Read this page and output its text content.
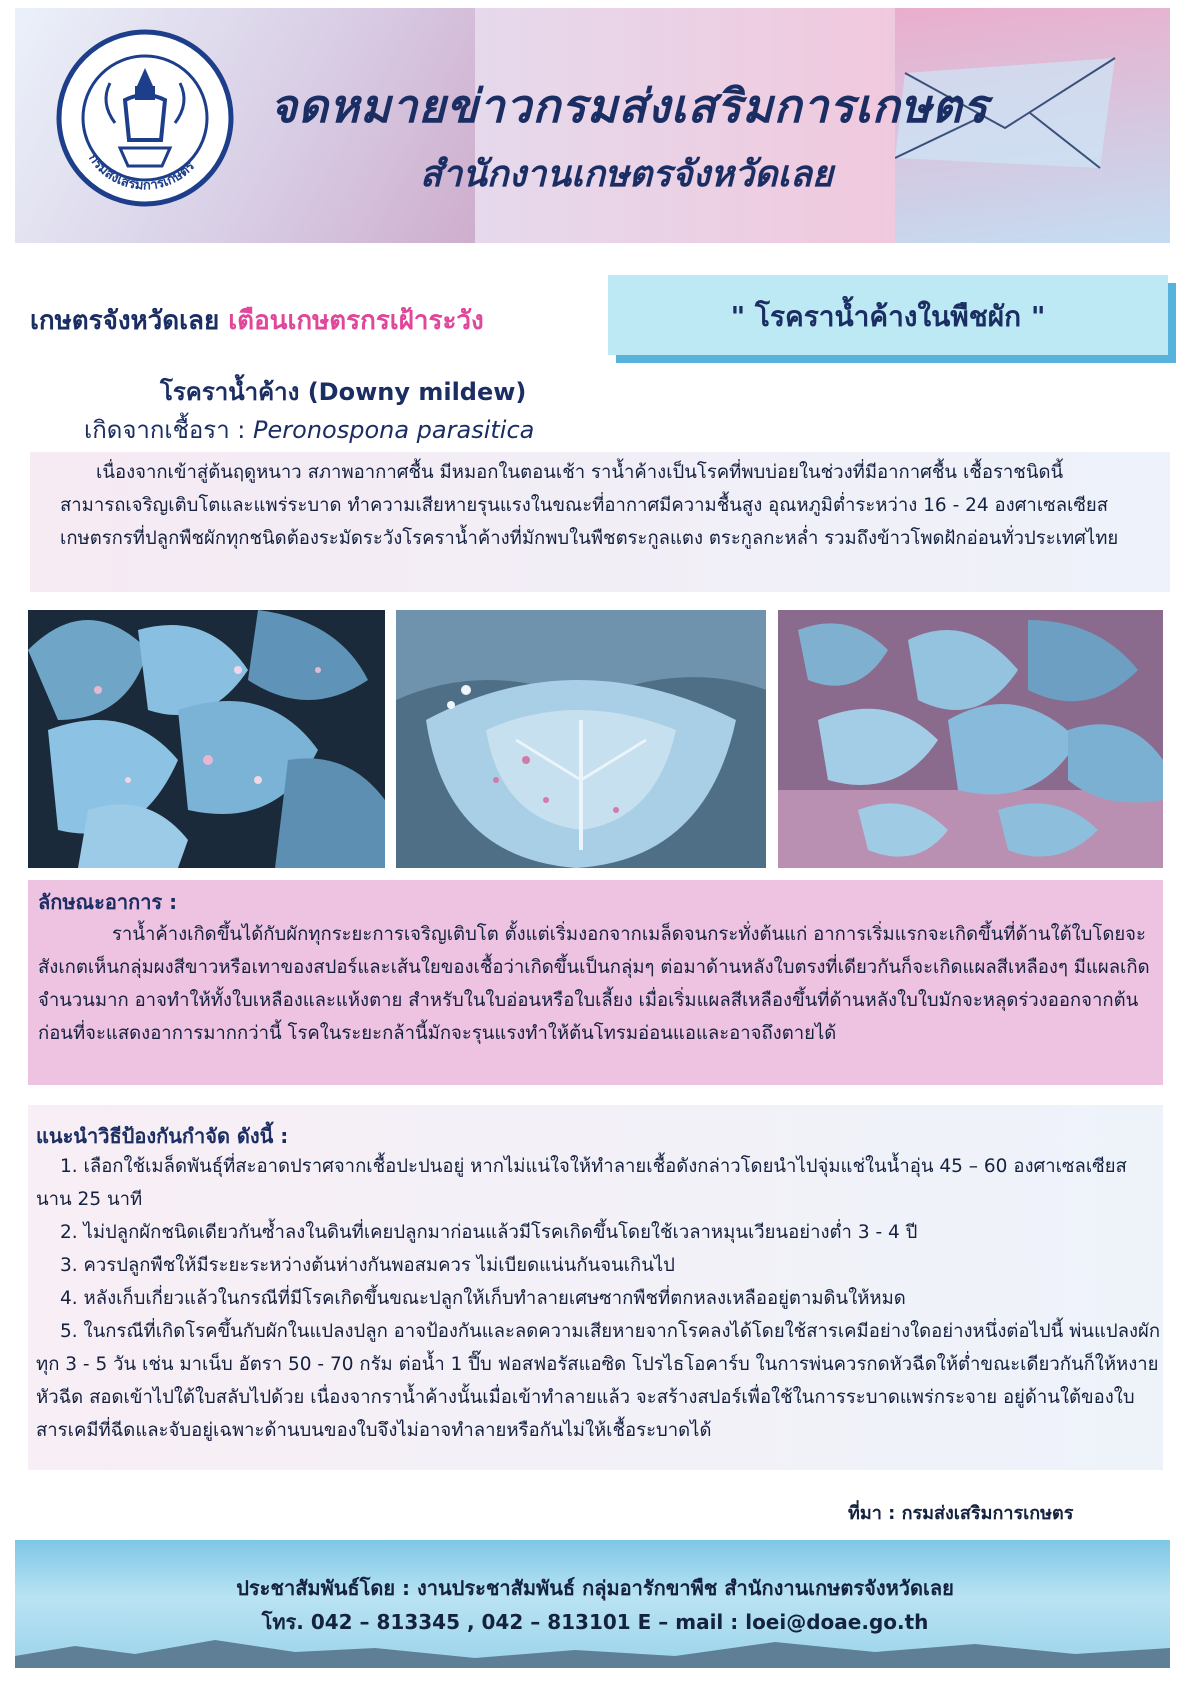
กรมส่งเสริมการเกษตร
จดหมายข่าวกรมส่งเสริมการเกษตร
สำนักงานเกษตรจังหวัดเลย
เกษตรจังหวัดเลย เตือนเกษตรกรเฝ้าระวัง	" โรคราน้ำค้างในพืชผัก "
โรคราน้ำค้าง (Downy mildew)
เกิดจากเชื้อรา : Peronospona parasitica
เนื่องจากเข้าสู่ต้นฤดูหนาว สภาพอากาศชื้น มีหมอกในตอนเช้า ราน้ำค้างเป็นโรคที่พบบ่อยในช่วงที่มีอากาศชื้น เชื้อราชนิดนี้สามารถเจริญเติบโตและแพร่ระบาด ทำความเสียหายรุนแรงในขณะที่อากาศมีความชื้นสูง อุณหภูมิต่ำระหว่าง 16 - 24 องศาเซลเซียส เกษตรกรที่ปลูกพืชผักทุกชนิดต้องระมัดระวังโรคราน้ำค้างที่มักพบในพืชตระกูลแตง ตระกูลกะหล่ำ รวมถึงข้าวโพดฝักอ่อนทั่วประเทศไทย
ลักษณะอาการ :
ราน้ำค้างเกิดขึ้นได้กับผักทุกระยะการเจริญเติบโต ตั้งแต่เริ่มงอกจากเมล็ดจนกระทั่งต้นแก่ อาการเริ่มแรกจะเกิดขึ้นที่ด้านใต้ใบโดยจะสังเกตเห็นกลุ่มผงสีขาวหรือเทาของสปอร์และเส้นใยของเชื้อว่าเกิดขึ้นเป็นกลุ่มๆ ต่อมาด้านหลังใบตรงที่เดียวกันก็จะเกิดแผลสีเหลืองๆ มีแผลเกิดจำนวนมาก อาจทำให้ทั้งใบเหลืองและแห้งตาย สำหรับในใบอ่อนหรือใบเลี้ยง เมื่อเริ่มแผลสีเหลืองขึ้นที่ด้านหลังใบใบมักจะหลุดร่วงออกจากต้นก่อนที่จะแสดงอาการมากกว่านี้ โรคในระยะกล้านี้มักจะรุนแรงทำให้ต้นโทรมอ่อนแอและอาจถึงตายได้
แนะนำวิธีป้องกันกำจัด ดังนี้ :
1. เลือกใช้เมล็ดพันธุ์ที่สะอาดปราศจากเชื้อปะปนอยู่ หากไม่แน่ใจให้ทำลายเชื้อดังกล่าวโดยนำไปจุ่มแช่ในน้ำอุ่น 45 – 60 องศาเซลเซียส นาน 25 นาที
2. ไม่ปลูกผักชนิดเดียวกันซ้ำลงในดินที่เคยปลูกมาก่อนแล้วมีโรคเกิดขึ้นโดยใช้เวลาหมุนเวียนอย่างต่ำ 3 - 4 ปี
3. ควรปลูกพืชให้มีระยะระหว่างต้นห่างกันพอสมควร ไม่เบียดแน่นกันจนเกินไป
4. หลังเก็บเกี่ยวแล้วในกรณีที่มีโรคเกิดขึ้นขณะปลูกให้เก็บทำลายเศษซากพืชที่ตกหลงเหลืออยู่ตามดินให้หมด
5. ในกรณีที่เกิดโรคขึ้นกับผักในแปลงปลูก อาจป้องกันและลดความเสียหายจากโรคลงได้โดยใช้สารเคมีอย่างใดอย่างหนึ่งต่อไปนี้ พ่นแปลงผักทุก 3 - 5 วัน เช่น มาเน็บ อัตรา 50 - 70 กรัม ต่อน้ำ 1 ปี๊บ ฟอสฟอรัสแอซิด โปรไธโอคาร์บ ในการพ่นควรกดหัวฉีดให้ต่ำขณะเดียวกันก็ให้หงายหัวฉีด สอดเข้าไปใต้ใบสลับไปด้วย เนื่องจากราน้ำค้างนั้นเมื่อเข้าทำลายแล้ว จะสร้างสปอร์เพื่อใช้ในการระบาดแพร่กระจาย อยู่ด้านใต้ของใบ สารเคมีที่ฉีดและจับอยู่เฉพาะด้านบนของใบจึงไม่อาจทำลายหรือกันไม่ให้เชื้อระบาดได้
ที่มา : กรมส่งเสริมการเกษตร
ประชาสัมพันธ์โดย : งานประชาสัมพันธ์ กลุ่มอารักขาพืช สำนักงานเกษตรจังหวัดเลย
โทร. 042 – 813345 , 042 – 813101 E – mail : loei@doae.go.th
